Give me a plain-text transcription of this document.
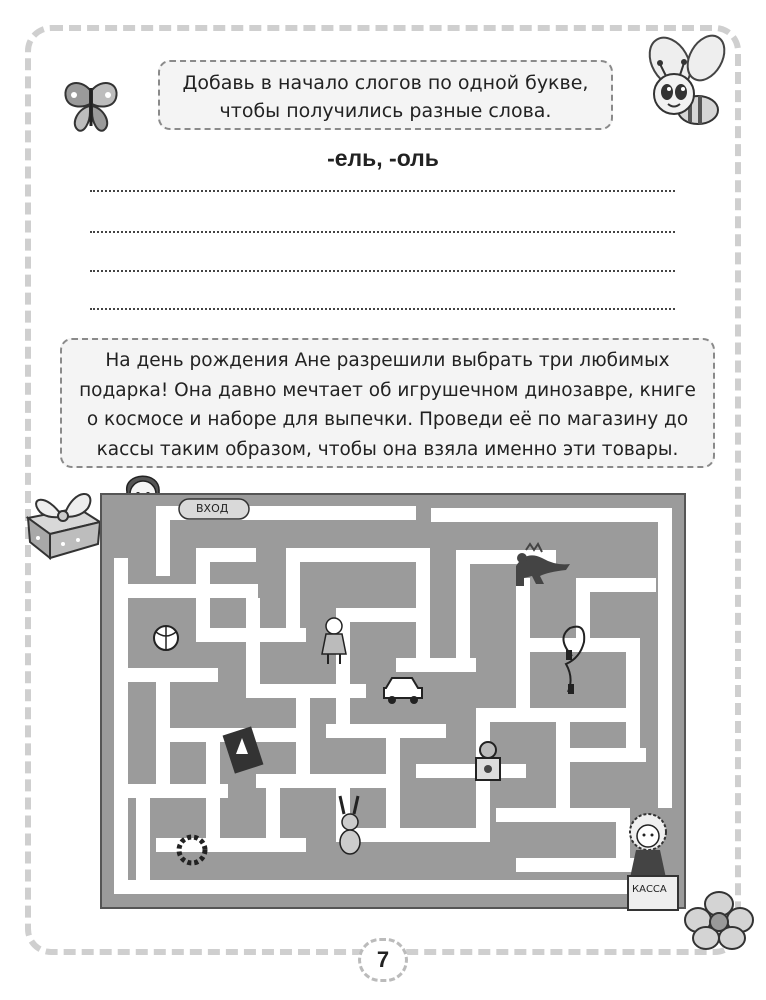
Добавь в начало слогов по одной букве,
чтобы получились разные слова.
-ель, -оль
На день рождения Ане разрешили выбрать три любимых
подарка! Она давно мечтает об игрушечном динозавре, книге
о космосе и наборе для выпечки. Проведи её по магазину до
кассы таким образом, чтобы она взяла именно эти товары.
ВХОД
КАССА
7
